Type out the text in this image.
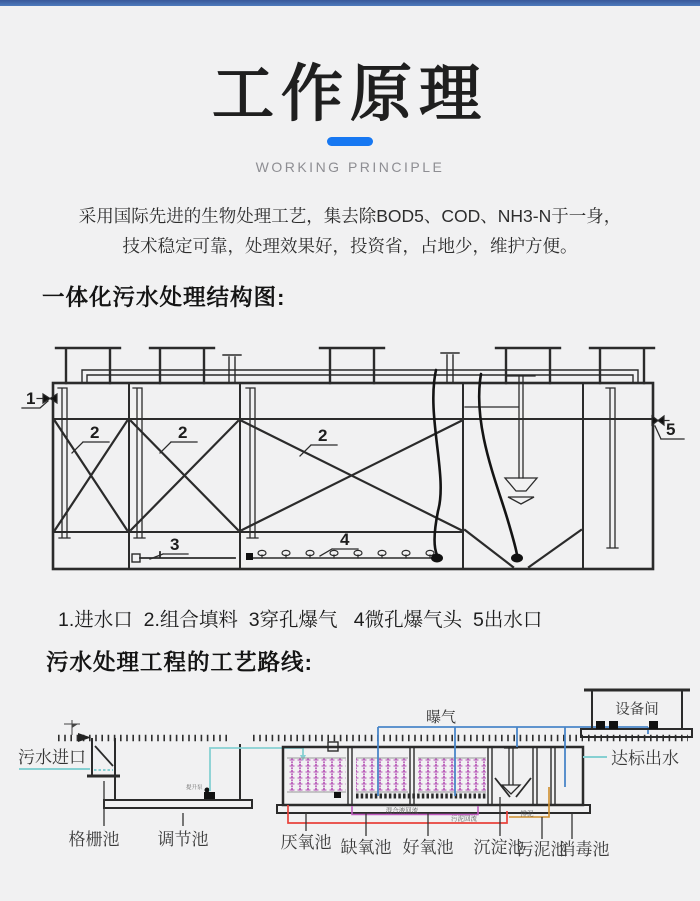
工作原理
WORKING PRINCIPLE
采用国际先进的生物处理工艺，集去除BOD5、COD、NH3-N于一身，
技术稳定可靠，处理效果好，投资省，占地少，维护方便。
一体化污水处理结构图:
1
2	2	2
3	4
5
1.进水口  2.组合填料  3穿孔爆气   4微孔爆气头  5出水口
污水处理工程的工艺路线:
提升泵
曝气	设备间
达标出水
污水进口
污泥回流
混合液回流	排泥
格栅池 调节池	厌氧池 缺氧池 好氧池 沉淀池
污泥池
消毒池
